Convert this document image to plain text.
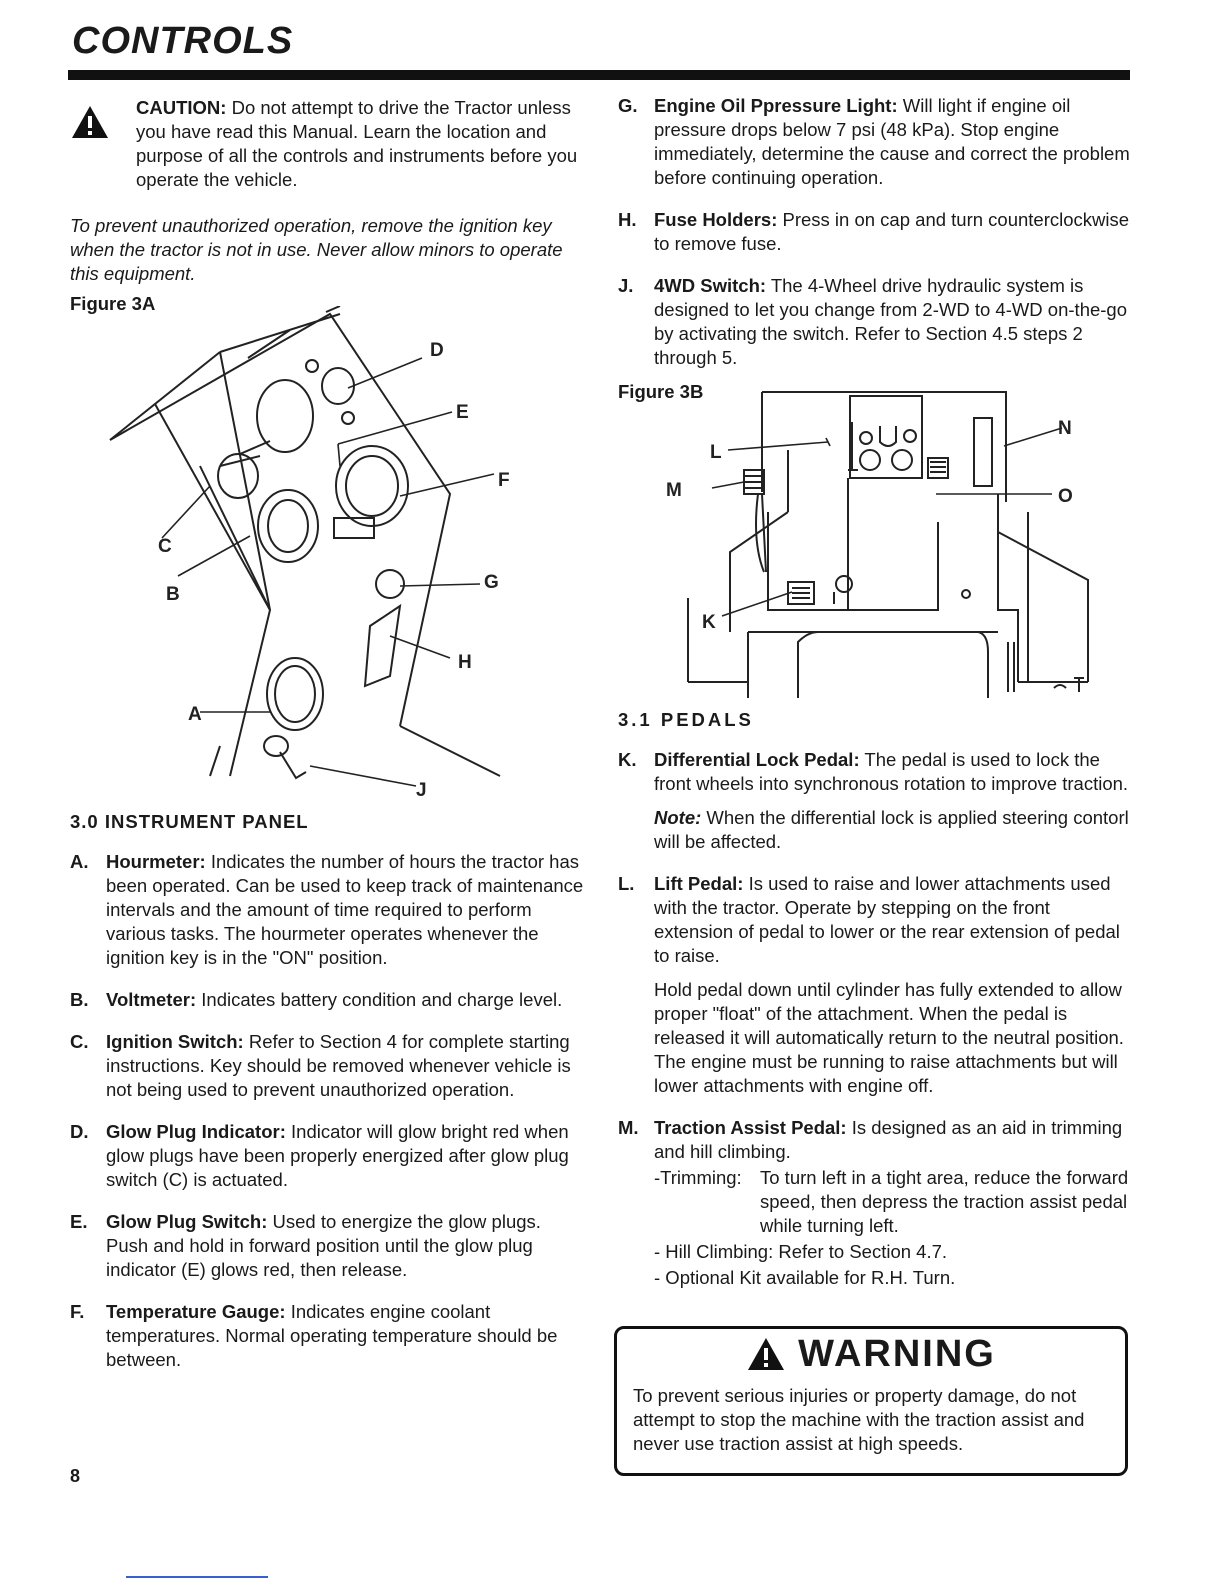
CONTROLS

CAUTION: Do not attempt to drive the Tractor unless you have read this Manual. Learn the location and purpose of all the controls and instruments before you operate the vehicle.

To prevent unauthorized operation, remove the ignition key when the tractor is not in use. Never allow minors to operate this equipment.

Figure 3A
D
E
F
C
B
G
H
A
J
3.0 INSTRUMENT PANEL
A. Hourmeter: Indicates the number of hours the tractor has been operated. Can be used to keep track of maintenance intervals and the amount of time required to perform various tasks. The hourmeter operates whenever the ignition key is in the "ON" position.

B. Voltmeter: Indicates battery condition and charge level.

C. Ignition Switch: Refer to Section 4 for complete starting instructions. Key should be removed whenever vehicle is not being used to prevent unauthorized operation.

D. Glow Plug Indicator: Indicator will glow bright red when glow plugs have been properly energized after glow plug switch (C) is actuated.

E.	Glow Plug Switch: Used to energize the glow plugs. Push and hold in forward position until the glow plug indicator (E) glows red, then release.

F.	Temperature Gauge: Indicates engine coolant temperatures. Normal operating temperature should be between.

8
G. Engine Oil Ppressure Light: Will light if engine oil pressure drops below 7 psi (48 kPa). Stop engine immediately, determine the cause and correct the problem before continuing operation.

H. Fuse Holders: Press in on cap and turn counterclockwise to remove fuse.

J.	4WD Switch: The 4-Wheel drive hydraulic system is designed to let you change from 2-WD to 4-WD on-the-go by activating the switch. Refer to Section 4.5 steps 2 through 5.

Figure 3B
L
N
M	O
K
3.1 PEDALS
K. Differential Lock Pedal: The pedal is used to lock the front wheels into synchronous rotation to improve traction.

Note: When the differential lock is applied steering contorl will be affected.

L.	Lift Pedal: Is used to raise and lower attachments used with the tractor. Operate by stepping on the front extension of pedal to lower or the rear extension of pedal to raise.

Hold pedal down until cylinder has fully extended to allow proper "float" of the attachment. When the pedal is released it will automatically return to the neutral position. The engine must be running to raise attachments but will lower attachments with engine off.

M. Traction Assist Pedal: Is designed as an aid in trimming and hill climbing.

-Trimming: To turn left in a tight area, reduce the forward speed, then depress the traction assist pedal while turning left.
- Hill Climbing: Refer to Section 4.7.
- Optional Kit available for R.H. Turn.
WARNING
To prevent serious injuries or property damage, do not attempt to stop the machine with the traction assist and never use traction assist at high speeds.
